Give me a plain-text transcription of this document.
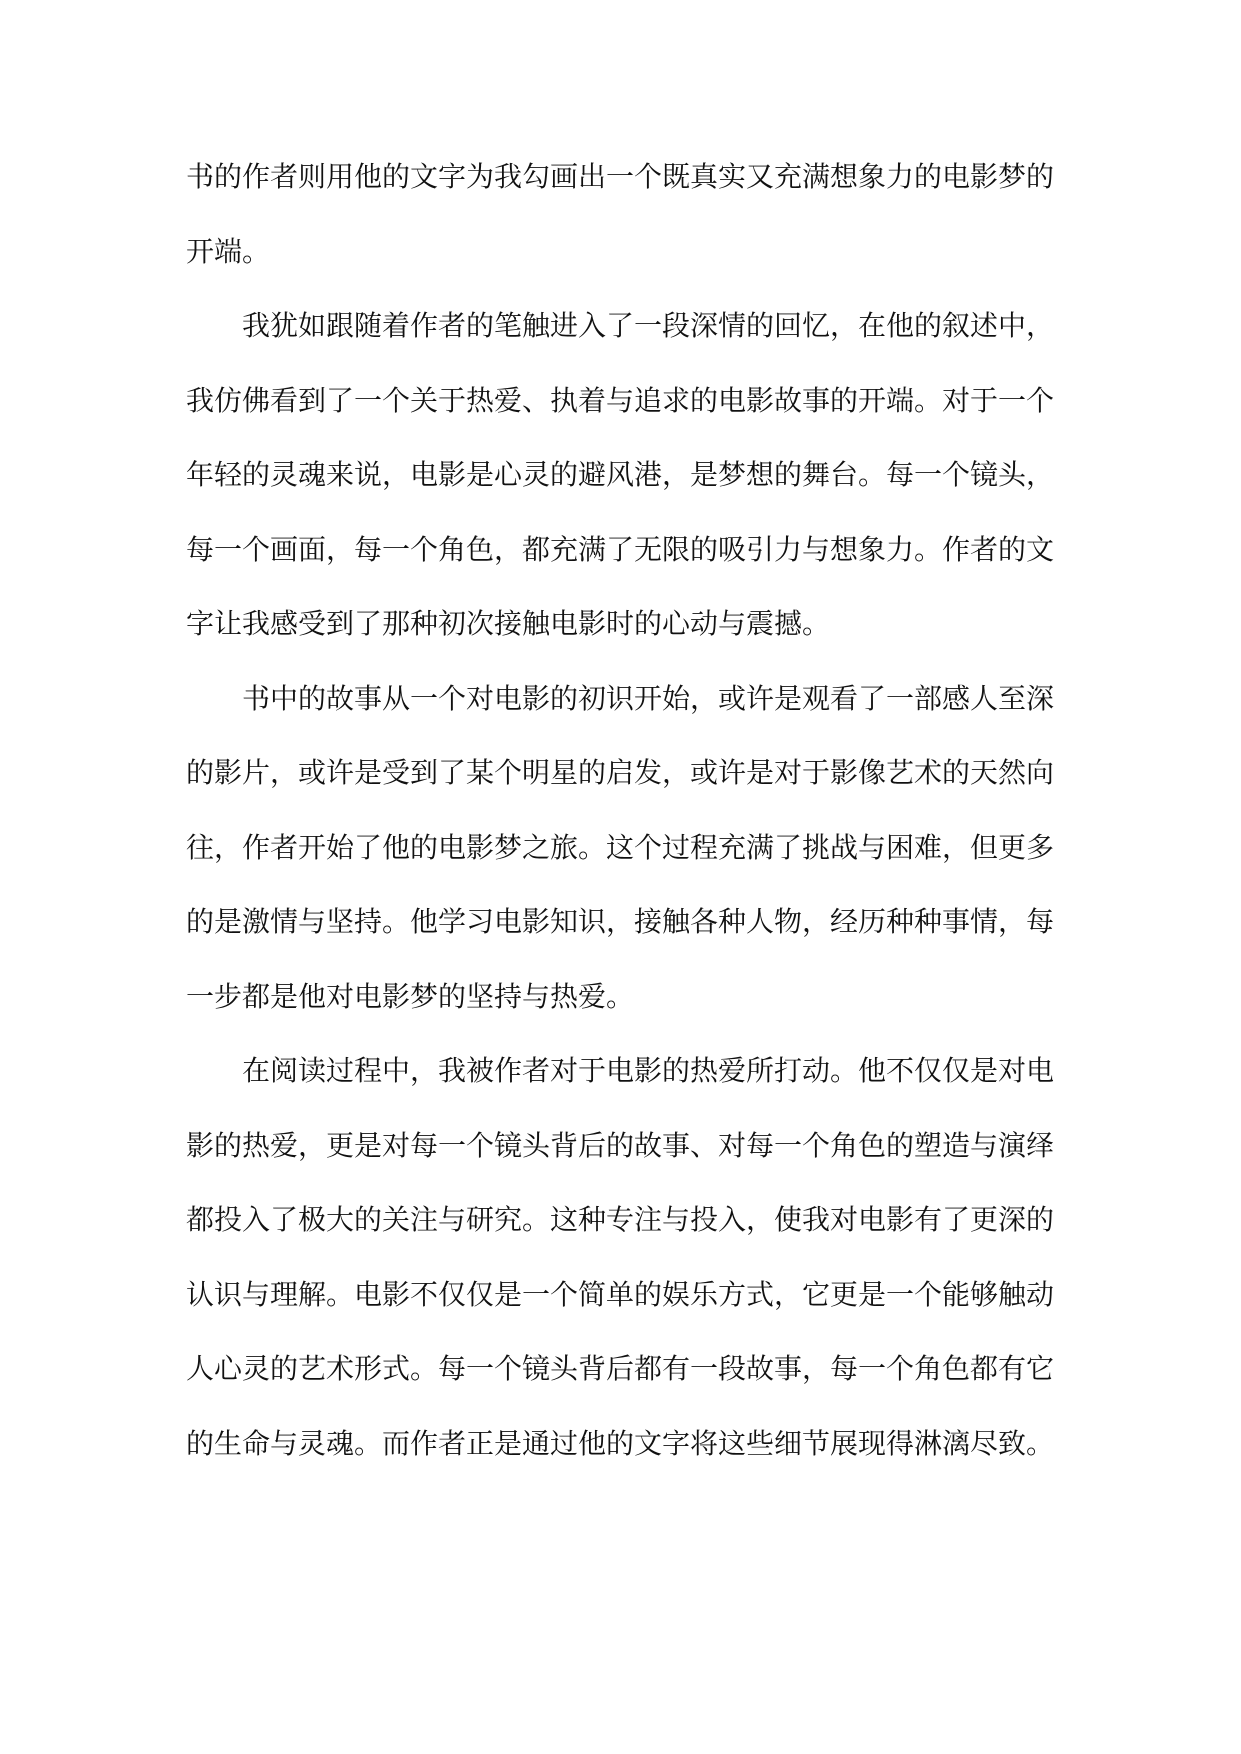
书的作者则用他的文字为我勾画出一个既真实又充满想象力的电影梦的开端。

我犹如跟随着作者的笔触进入了一段深情的回忆，在他的叙述中，我仿佛看到了一个关于热爱、执着与追求的电影故事的开端。对于一个年轻的灵魂来说，电影是心灵的避风港，是梦想的舞台。每一个镜头，每一个画面，每一个角色，都充满了无限的吸引力与想象力。作者的文字让我感受到了那种初次接触电影时的心动与震撼。

书中的故事从一个对电影的初识开始，或许是观看了一部感人至深的影片，或许是受到了某个明星的启发，或许是对于影像艺术的天然向往，作者开始了他的电影梦之旅。这个过程充满了挑战与困难，但更多的是激情与坚持。他学习电影知识，接触各种人物，经历种种事情，每一步都是他对电影梦的坚持与热爱。

在阅读过程中，我被作者对于电影的热爱所打动。他不仅仅是对电影的热爱，更是对每一个镜头背后的故事、对每一个角色的塑造与演绎都投入了极大的关注与研究。这种专注与投入，使我对电影有了更深的认识与理解。电影不仅仅是一个简单的娱乐方式，它更是一个能够触动人心灵的艺术形式。每一个镜头背后都有一段故事，每一个角色都有它的生命与灵魂。而作者正是通过他的文字将这些细节展现得淋漓尽致。
